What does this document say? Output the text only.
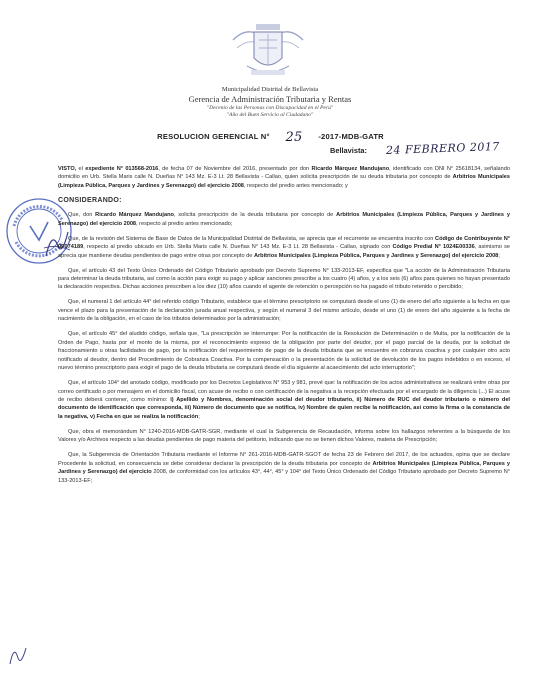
Municipalidad Distrital de Bellavista
Gerencia de Administración Tributaria y Rentas
"Decenio de las Personas con Discapacidad en el Perú"
"Año del Buen Servicio al Ciudadano"
RESOLUCION GERENCIAL N° 25 -2017-MDB-GATR
Bellavista: 24 FEBRERO 2017

VISTO, el expediente N° 013568-2016, de fecha 07 de Noviembre del 2016, presentado por don Ricardo Márquez Mandujano, identificado con DNI N° 25618134, señalando domicilio en Urb. Stella Maris calle N. Dueñas N° 143 Mz. E-3 Lt. 28 Bellavista - Callao, quien solicita prescripción de su deuda tributaria por concepto de Arbitrios Municipales (Limpieza Pública, Parques y Jardines y Serenazgo) del ejercicio 2008, respecto del predio antes mencionado; y

CONSIDERANDO:

Que, don Ricardo Márquez Mandujano, solicita prescripción de la deuda tributaria por concepto de Arbitrios Municipales (Limpieza Pública, Parques y Jardines y Serenazgo) del ejercicio 2008, respecto al predio antes mencionado;

Que, de la revisión del Sistema de Base de Datos de la Municipalidad Distrital de Bellavista, se aprecia que el recurrente se encuentra inscrito con Código de Contribuyente N° 0F074189, respecto al predio ubicado en Urb. Stella Maris calle N. Dueñas N° 143 Mz. E-3 Lt. 28 Bellavista - Callao, signado con Código Predial N° 1024E00336, asimismo se aprecia que mantiene deudas pendientes de pago entre otras por concepto de Arbitrios Municipales (Limpieza Pública, Parques y Jardines y Serenazgo) del ejercicio 2008;

Que, el artículo 43 del Texto Único Ordenado del Código Tributario aprobado por Decreto Supremo N° 133-2013-EF, especifica que "La acción de la Administración Tributaria para determinar la deuda tributaria, así como la acción para exigir su pago y aplicar sanciones prescribe a los cuatro (4) años, y a los seis (6) años para quienes no hayan presentado la declaración respectiva. Dichas acciones prescriben a los diez (10) años cuando el agente de retención o percepción no ha pagado el tributo retenido o percibido;

Que, el numeral 1 del artículo 44° del referido código Tributario, establece que el término prescriptorio se computará desde el uno (1) de enero del año siguiente a la fecha en que vence el plazo para la presentación de la declaración jurada anual respectiva, y según el numeral 3 del mismo artículo, desde el uno (1) de enero del año siguiente a la fecha de nacimiento de la obligación, en el caso de los tributos determinados por la administración;

Que, el artículo 45° del aludido código, señala que, "La prescripción se interrumpe: Por la notificación de la Resolución de Determinación o de Multa, por la notificación de la Orden de Pago, hasta por el monto de la misma, por el reconocimiento expreso de la obligación por parte del deudor, por el pago parcial de la deuda, por la solicitud de fraccionamiento u otras facilidades de pago, por la notificación del requerimiento de pago de la deuda tributaria que se encuentre en cobranza coactiva y por cualquier otro acto notificado al deudor, dentro del Procedimiento de Cobranza Coactiva. Por la compensación o la presentación de la solicitud de devolución de los pagos indebidos o en exceso, el nuevo término prescriptorio para exigir el pago de la deuda tributaria se computará desde el día siguiente al acaecimiento del acto interruptorio";

Que, el artículo 104° del anotado código, modificado por los Decretos Legislativos N° 953 y 981, prevé que: la notificación de los actos administrativos se realizará entre otras por correo certificado o por mensajero en el domicilio fiscal, con acuse de recibo o con certificación de la negativa a la recepción efectuada por el encargado de la diligencia (...) El acuse de recibo deberá contener, como mínimo: i) Apellido y Nombres, denominación social del deudor tributario, ii) Número de RUC del deudor tributario o número del documento de identificación que corresponda, iii) Número de documento que se notifica, iv) Nombre de quien recibe la notificación, así como la firma o la constancia de la negativa, v) Fecha en que se realiza la notificación;

Que, obra el memorándum N° 1240-2016-MDB-GATR-SGR, mediante el cual la Subgerencia de Recaudación, informa sobre los hallazgos referentes a la búsqueda de los Valores y/o Archivos respecto a las deudas pendientes de pago materia del petitorio, indicando que no se tienen dichos Valores, materia de Prescripción;

Que, la Subgerencia de Orientación Tributaria mediante el Informe N° 261-2016-MDB-GATR-SGOT de fecha 23 de Febrero del 2017, de los actuados, opina que se declare Procedente la solicitud, en consecuencia se debe considerar declarar la prescripción de la deuda tributaria por concepto de Arbitrios Municipales (Limpieza Pública, Parques y Jardines y Serenazgo) del ejercicio 2008, de conformidad con los artículos 43°, 44°, 45° y 104° del Texto Único Ordenado del Código Tributario aprobado por Decreto Supremo N° 133-2013-EF;
